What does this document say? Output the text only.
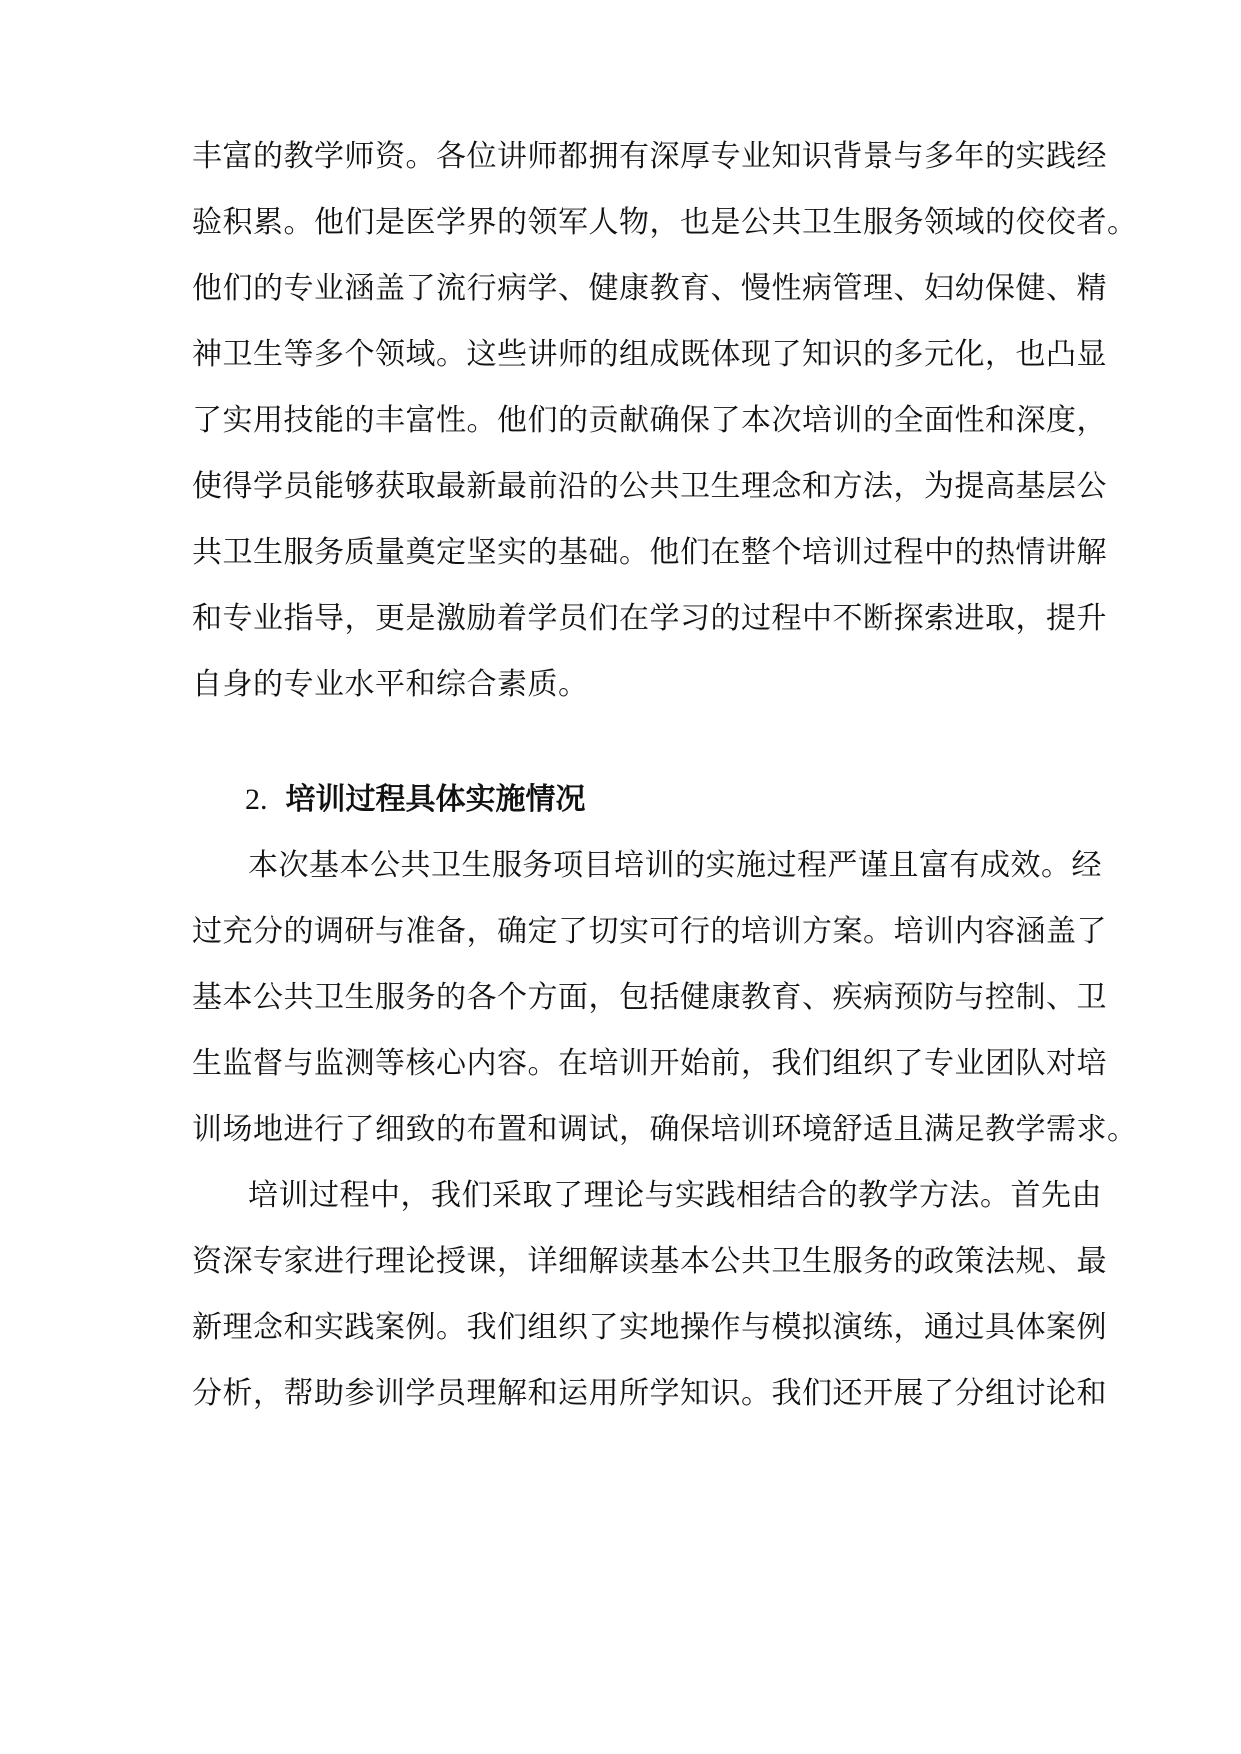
丰富的教学师资。各位讲师都拥有深厚专业知识背景与多年的实践经
验积累。他们是医学界的领军人物，也是公共卫生服务领域的佼佼者。
他们的专业涵盖了流行病学、健康教育、慢性病管理、妇幼保健、精
神卫生等多个领域。这些讲师的组成既体现了知识的多元化，也凸显
了实用技能的丰富性。他们的贡献确保了本次培训的全面性和深度，
使得学员能够获取最新最前沿的公共卫生理念和方法，为提高基层公
共卫生服务质量奠定坚实的基础。他们在整个培训过程中的热情讲解
和专业指导，更是激励着学员们在学习的过程中不断探索进取，提升
自身的专业水平和综合素质。
2. 培训过程具体实施情况
本次基本公共卫生服务项目培训的实施过程严谨且富有成效。经
过充分的调研与准备，确定了切实可行的培训方案。培训内容涵盖了
基本公共卫生服务的各个方面，包括健康教育、疾病预防与控制、卫
生监督与监测等核心内容。在培训开始前，我们组织了专业团队对培
训场地进行了细致的布置和调试，确保培训环境舒适且满足教学需求。
培训过程中，我们采取了理论与实践相结合的教学方法。首先由
资深专家进行理论授课，详细解读基本公共卫生服务的政策法规、最
新理念和实践案例。我们组织了实地操作与模拟演练，通过具体案例
分析，帮助参训学员理解和运用所学知识。我们还开展了分组讨论和
